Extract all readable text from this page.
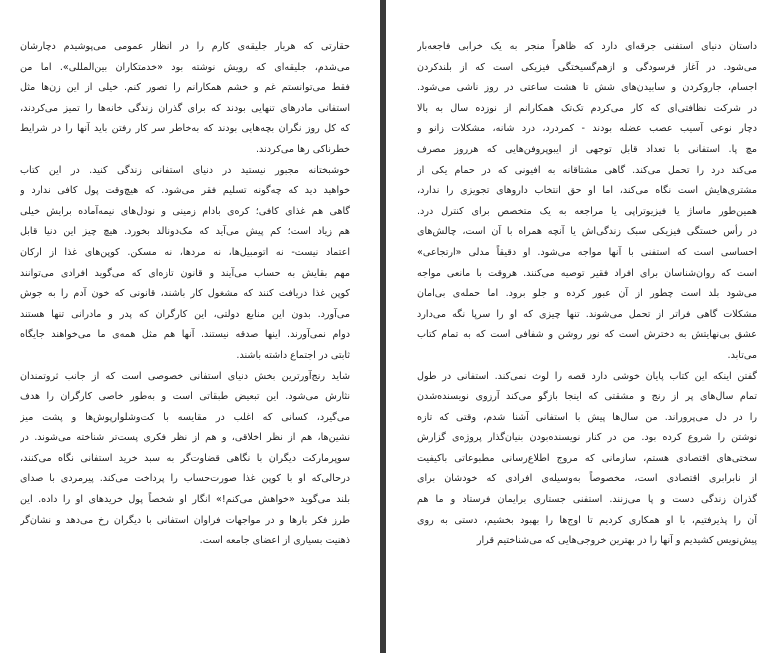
حقارتی که هربار جلیقه‌ی کارم را در انظار عمومی می‌پوشیدم دچارشان
می‌شدم، جلیقه‌ای که رویش نوشته بود «خدمتکاران بین‌المللی». اما من
فقط می‌توانستم غم و خشم همکارانم را تصور کنم. خیلی از این زن‌ها مثل
استفانی مادرهای تنهایی بودند که برای گذران زندگی خانه‌ها را تمیز می‌کردند،
که کل روز نگران بچه‌هایی بودند که به‌خاطر سر کار رفتن باید آنها را در شرایط
خطرناکی رها می‌کردند.
خوشبختانه مجبور نیستید در دنیای استفانی زندگی کنید. در این کتاب
خواهید دید که چه‌گونه تسلیم فقر می‌شود. که هیچ‌وقت پول کافی ندارد و
گاهی هم غذای کافی؛ کره‌ی بادام زمینی و نودل‌های نیمه‌آماده برایش خیلی
هم زیاد است؛ کم پیش می‌آید که مک‌دونالد بخورد. هیچ چیز این دنیا قابل
اعتماد نیست- نه اتومبیل‌ها، نه مردها، نه مسکن. کوپن‌های غذا از ارکان
مهم بقایش به حساب می‌آیند و قانون تازه‌ای که می‌گوید افرادی می‌توانند
کوپن غذا دریافت کنند که مشغول کار باشند، قانونی که خون آدم را به جوش
می‌آورد. بدون این منابع دولتی، این کارگران که پدر و مادرانی تنها هستند
دوام نمی‌آورند. اینها صدقه نیستند. آنها هم مثل همه‌ی ما می‌خواهند جایگاه
ثابتی در اجتماع داشته باشند.
شاید رنج‌آورترین بخش دنیای استفانی خصوصی است که از جانب ثروتمندان
نثارش می‌شود. این تبعیض طبقاتی است و به‌طور خاصی کارگران را هدف
می‌گیرد، کسانی که اغلب در مقایسه با کت‌وشلوارپوش‌ها و پشت میز
نشین‌ها، هم از نظر اخلاقی، و هم از نظر فکری پست‌تر شناخته می‌شوند. در
سوپرمارکت دیگران با نگاهی قضاوت‌گر به سبد خرید استفانی نگاه می‌کنند،
درحالی‌که او با کوپن غذا صورت‌حساب را پرداخت می‌کند. پیرمردی با صدای
بلند می‌گوید «خواهش می‌کنم!» انگار او شخصاً پول خریدهای او را داده. این
طرز فکر بارها و در مواجهات فراوان استفانی با دیگران رخ می‌دهد و نشان‌گر
ذهنیت بسیاری از اعضای جامعه است.
داستان دنیای استفنی جرقه‌ای دارد که ظاهراً منجر به یک خرابی فاجعه‌بار
می‌شود. در آغاز فرسودگی و ازهم‌گسیختگی فیزیکی است که از بلندکردن
اجسام، جاروکردن و سابیدن‌های شش تا هشت ساعتی در روز ناشی می‌شود.
در شرکت نظافتی‌ای که کار می‌کردم تک‌تک همکارانم از نوزده سال به بالا
دچار نوعی آسیب عصب عضله بودند - کمردرد، درد شانه، مشکلات زانو و
مچ پا. استفانی با تعداد قابل توجهی از ایبوپروفن‌هایی که هرروز مصرف
می‌کند درد را تحمل می‌کند. گاهی مشتاقانه به افیونی که در حمام یکی از
مشتری‌هایش است نگاه می‌کند، اما او حق انتخاب داروهای تجویزی را ندارد،
همین‌طور ماساژ یا فیزیوتراپی یا مراجعه به یک متخصص برای کنترل درد.
در رأس خستگی فیزیکی سبک زندگی‌اش یا آنچه همراه با آن است، چالش‌های
احساسی است که استفنی با آنها مواجه می‌شود. او دقیقاً مدلی «ارتجاعی»
است که روان‌شناسان برای افراد فقیر توصیه می‌کنند. هروقت با مانعی مواجه
می‌شود بلد است چطور از آن عبور کرده و جلو برود. اما حمله‌ی بی‌امان
مشکلات گاهی فراتر از تحمل می‌شوند. تنها چیزی که او را سرپا نگه می‌دارد
عشق بی‌نهایتش به دخترش است که نور روشن و شفافی است که به تمام کتاب
می‌تابد.
گفتن اینکه این کتاب پایان خوشی دارد قصه را لوث نمی‌کند. استفانی در طول
تمام سال‌های پر از رنج و مشقتی که اینجا بازگو می‌کند آرزوی نویسنده‌شدن
را در دل می‌پروراند. من سال‌ها پیش با استفانی آشنا شدم، وقتی که تازه
نوشتن را شروع کرده بود. من در کنار نویسنده‌بودن بنیان‌گذار پروژه‌ی گزارش
سختی‌های اقتصادی هستم، سازمانی که مروج اطلاع‌رسانی مطبوعاتی باکیفیت
از نابرابری اقتصادی است، مخصوصاً به‌وسیله‌ی افرادی که خودشان برای
گذران زندگی دست و پا می‌زنند. استفنی جستاری برایمان فرستاد و ما هم
آن را پذیرفتیم، با او همکاری کردیم تا اوج‌ها را بهبود بخشیم، دستی به روی
پیش‌نویس کشیدیم و آنها را در بهترین خروجی‌هایی که می‌شناختیم قرار
